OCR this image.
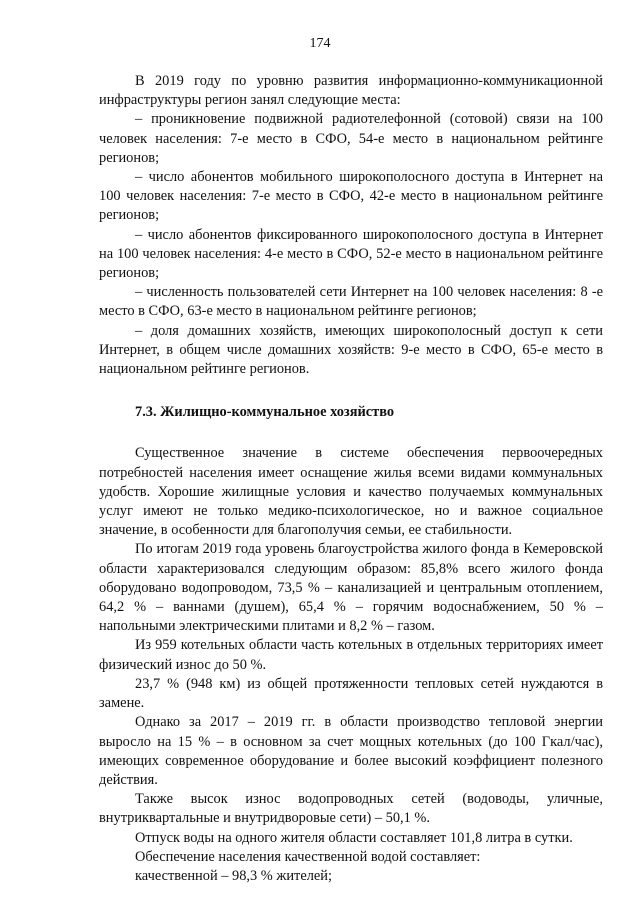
174

В 2019 году по уровню развития информационно-коммуникационной инфраструктуры регион занял следующие места:

– проникновение подвижной радиотелефонной (сотовой) связи на 100 человек населения: 7-е место в СФО, 54-е место в национальном рейтинге регионов;

– число абонентов мобильного широкополосного доступа в Интернет на 100 человек населения: 7-е место в СФО, 42-е место в национальном рейтинге регионов;

– число абонентов фиксированного широкополосного доступа в Интернет на 100 человек населения: 4-е место в СФО, 52-е место в национальном рейтинге регионов;

– численность пользователей сети Интернет на 100 человек населения: 8 -е место в СФО, 63-е место в национальном рейтинге регионов;

– доля домашних хозяйств, имеющих широкополосный доступ к сети Интернет, в общем числе домашних хозяйств: 9-е место в СФО, 65-е место в национальном рейтинге регионов.

7.3. Жилищно-коммунальное хозяйство

Существенное значение в системе обеспечения первоочередных потребностей населения имеет оснащение жилья всеми видами коммунальных удобств. Хорошие жилищные условия и качество получаемых коммунальных услуг имеют не только медико-психологическое, но и важное социальное значение, в особенности для благополучия семьи, ее стабильности.

По итогам 2019 года уровень благоустройства жилого фонда в Кемеровской области характеризовался следующим образом: 85,8% всего жилого фонда оборудовано водопроводом, 73,5 % – канализацией и центральным отоплением, 64,2 % – ваннами (душем), 65,4 % – горячим водоснабжением, 50 % – напольными электрическими плитами и 8,2 % – газом.

Из 959 котельных области часть котельных в отдельных территориях имеет физический износ до 50 %.

23,7 % (948 км) из общей протяженности тепловых сетей нуждаются в замене.

Однако за 2017 – 2019 гг. в области производство тепловой энергии выросло на 15 % – в основном за счет мощных котельных (до 100 Гкал/час), имеющих современное оборудование и более высокий коэффициент полезного действия.

Также высок износ водопроводных сетей (водоводы, уличные, внутриквартальные и внутридворовые сети) – 50,1 %.

Отпуск воды на одного жителя области составляет 101,8 литра в сутки.

Обеспечение населения качественной водой составляет:

качественной – 98,3 % жителей;
